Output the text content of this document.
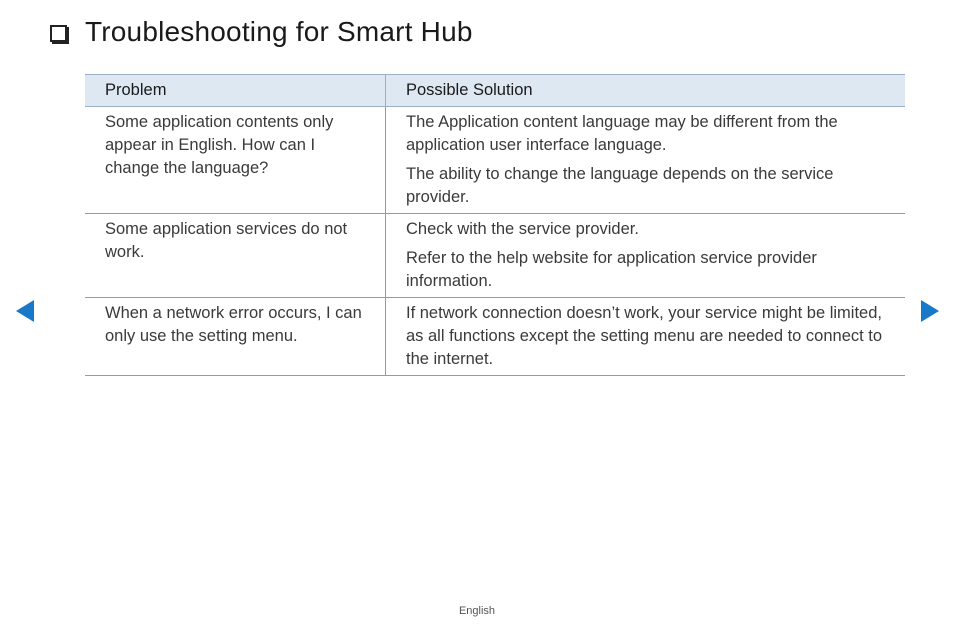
Troubleshooting for Smart Hub
Problem	Possible Solution

Some application contents only appear in English. How can I change the language?	The Application content language may be different from the application user interface language.

The ability to change the language depends on the service provider.

Some application services do not work.	Check with the service provider.

Refer to the help website for application service provider information.

When a network error occurs, I can only use the setting menu.	If network connection doesn’t work, your service might be limited, as all functions except the setting menu are needed to connect to the internet.

English
